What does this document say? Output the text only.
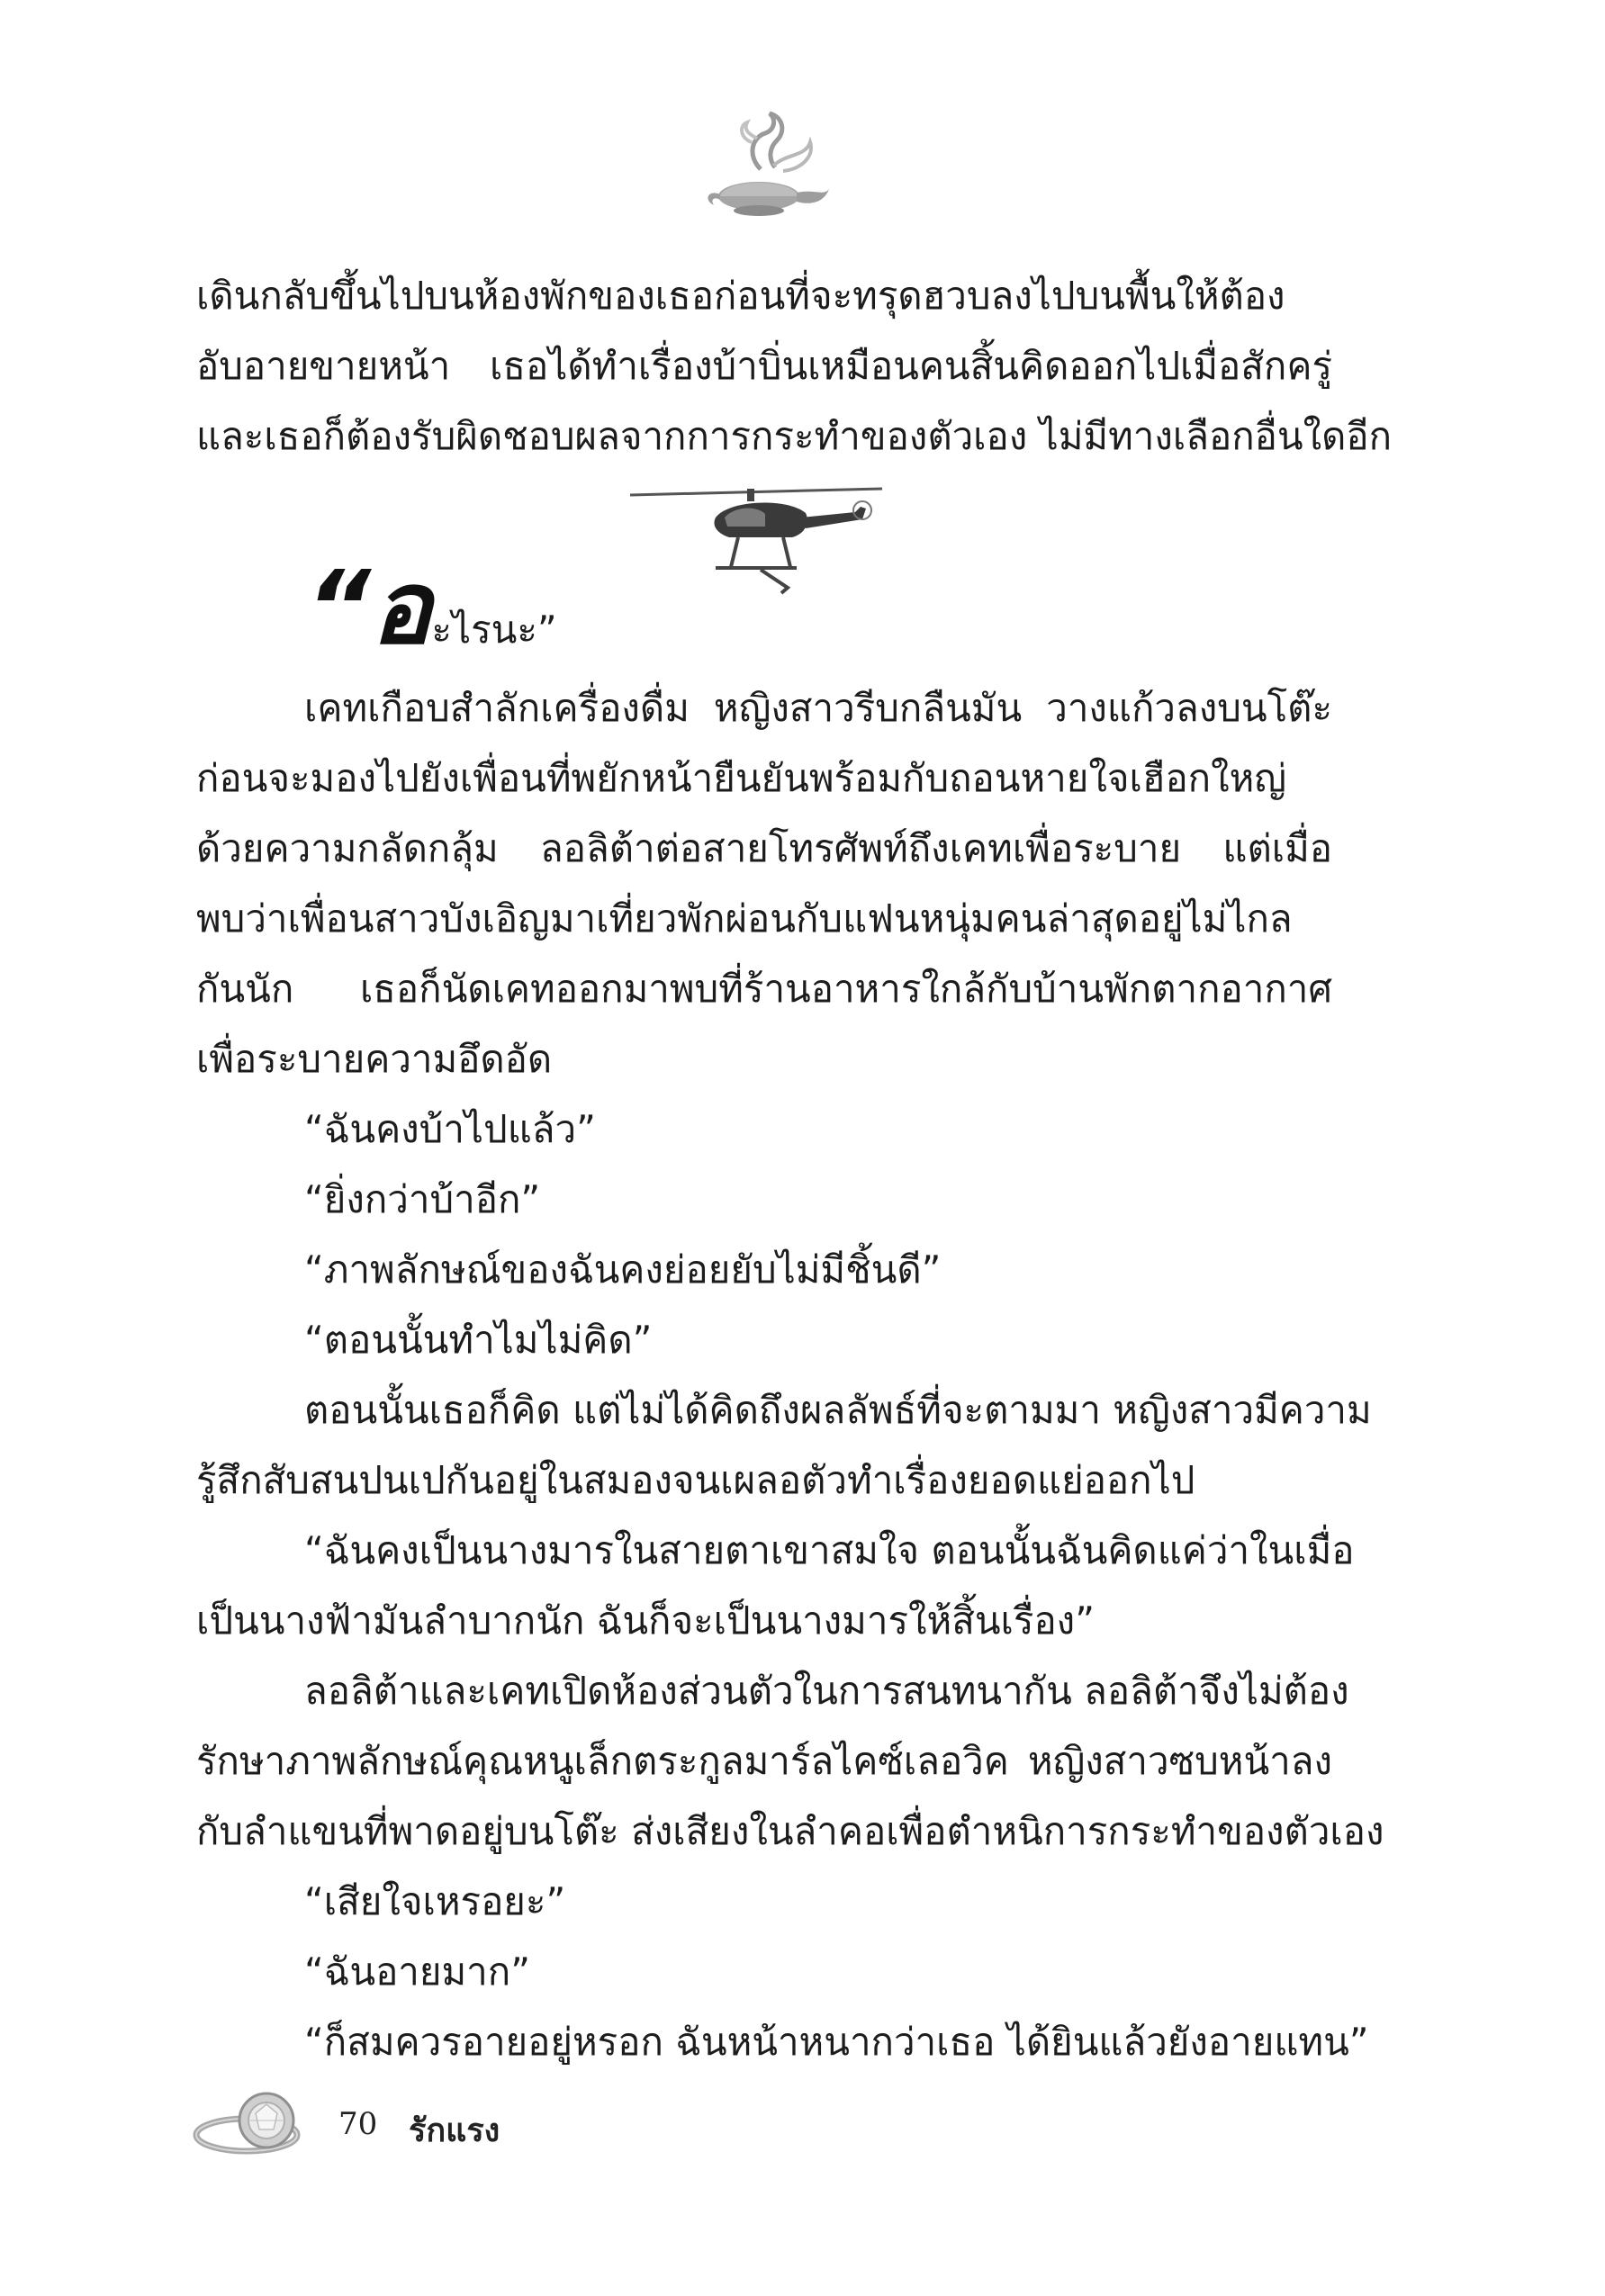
เดินกลับขึ้นไปบนห้องพักของเธอก่อนที่จะทรุดฮวบลงไปบนพื้นให้ต้อง
อับอายขายหน้า เธอได้ทำเรื่องบ้าบิ่นเหมือนคนสิ้นคิดออกไปเมื่อสักครู่
และเธอก็ต้องรับผิดชอบผลจากการกระทำของตัวเอง ไม่มีทางเลือกอื่นใดอีก
“อะไรนะ”
เคทเกือบสำลักเครื่องดื่ม หญิงสาวรีบกลืนมัน วางแก้วลงบนโต๊ะ
ก่อนจะมองไปยังเพื่อนที่พยักหน้ายืนยันพร้อมกับถอนหายใจเฮือกใหญ่
ด้วยความกลัดกลุ้ม ลอลิต้าต่อสายโทรศัพท์ถึงเคทเพื่อระบาย แต่เมื่อ
พบว่าเพื่อนสาวบังเอิญมาเที่ยวพักผ่อนกับแฟนหนุ่มคนล่าสุดอยู่ไม่ไกล
กันนัก เธอก็นัดเคทออกมาพบที่ร้านอาหารใกล้กับบ้านพักตากอากาศ
เพื่อระบายความอึดอัด
“ฉันคงบ้าไปแล้ว”
“ยิ่งกว่าบ้าอีก”
“ภาพลักษณ์ของฉันคงย่อยยับไม่มีชิ้นดี”
“ตอนนั้นทำไมไม่คิด”
ตอนนั้นเธอก็คิด แต่ไม่ได้คิดถึงผลลัพธ์ที่จะตามมา หญิงสาวมีความ
รู้สึกสับสนปนเปกันอยู่ในสมองจนเผลอตัวทำเรื่องยอดแย่ออกไป
“ฉันคงเป็นนางมารในสายตาเขาสมใจ ตอนนั้นฉันคิดแค่ว่าในเมื่อ
เป็นนางฟ้ามันลำบากนัก ฉันก็จะเป็นนางมารให้สิ้นเรื่อง”
ลอลิต้าและเคทเปิดห้องส่วนตัวในการสนทนากัน ลอลิต้าจึงไม่ต้อง
รักษาภาพลักษณ์คุณหนูเล็กตระกูลมาร์ลไคซ์เลอวิค หญิงสาวซบหน้าลง
กับลำแขนที่พาดอยู่บนโต๊ะ ส่งเสียงในลำคอเพื่อตำหนิการกระทำของตัวเอง
“เสียใจเหรอยะ”
“ฉันอายมาก”
“ก็สมควรอายอยู่หรอก ฉันหน้าหนากว่าเธอ ได้ยินแล้วยังอายแทน”
70 รักแรง
